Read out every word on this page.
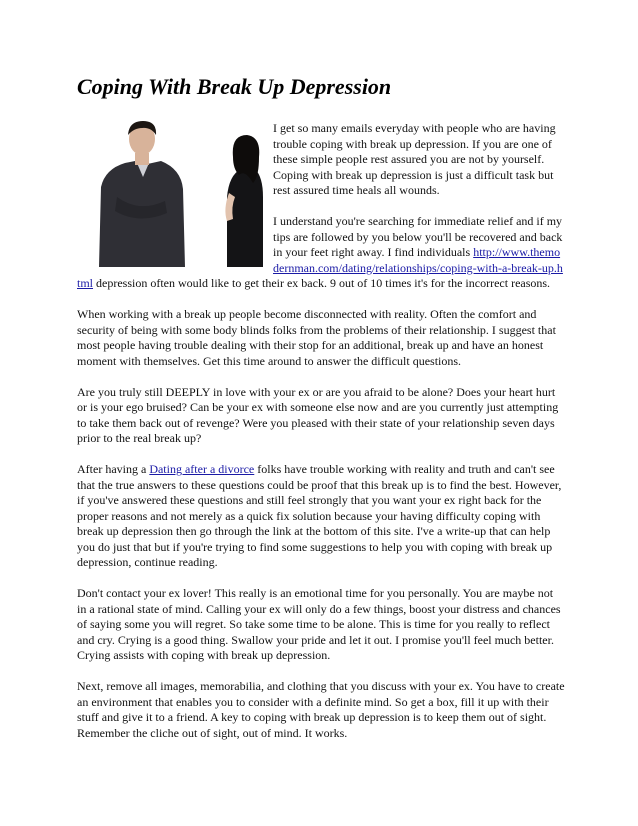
Coping With Break Up Depression

I get so many emails everyday with people who are having trouble coping with break up depression. If you are one of these simple people rest assured you are not by yourself. Coping with break up depression is just a difficult task but rest assured time heals all wounds.

I understand you're searching for immediate relief and if my tips are followed by you below you'll be recovered and back in your feet right away. I find individuals http://www.themodernman.com/dating/relationships/coping-with-a-break-up.html depression often would like to get their ex back. 9 out of 10 times it's for the incorrect reasons.

When working with a break up people become disconnected with reality. Often the comfort and security of being with some body blinds folks from the problems of their relationship. I suggest that most people having trouble dealing with their stop for an additional, break up and have an honest moment with themselves. Get this time around to answer the difficult questions.

Are you truly still DEEPLY in love with your ex or are you afraid to be alone? Does your heart hurt or is your ego bruised? Can be your ex with someone else now and are you currently just attempting to take them back out of revenge? Were you pleased with their state of your relationship seven days prior to the real break up?

After having a Dating after a divorce folks have trouble working with reality and truth and can't see that the true answers to these questions could be proof that this break up is to find the best. However, if you've answered these questions and still feel strongly that you want your ex right back for the proper reasons and not merely as a quick fix solution because your having difficulty coping with break up depression then go through the link at the bottom of this site. I've a write-up that can help you do just that but if you're trying to find some suggestions to help you with coping with break up depression, continue reading.

Don't contact your ex lover! This really is an emotional time for you personally. You are maybe not in a rational state of mind. Calling your ex will only do a few things, boost your distress and chances of saying some you will regret. So take some time to be alone. This is time for you really to reflect and cry. Crying is a good thing. Swallow your pride and let it out. I promise you'll feel much better. Crying assists with coping with break up depression.

Next, remove all images, memorabilia, and clothing that you discuss with your ex. You have to create an environment that enables you to consider with a definite mind. So get a box, fill it up with their stuff and give it to a friend. A key to coping with break up depression is to keep them out of sight. Remember the cliche out of sight, out of mind. It works.
